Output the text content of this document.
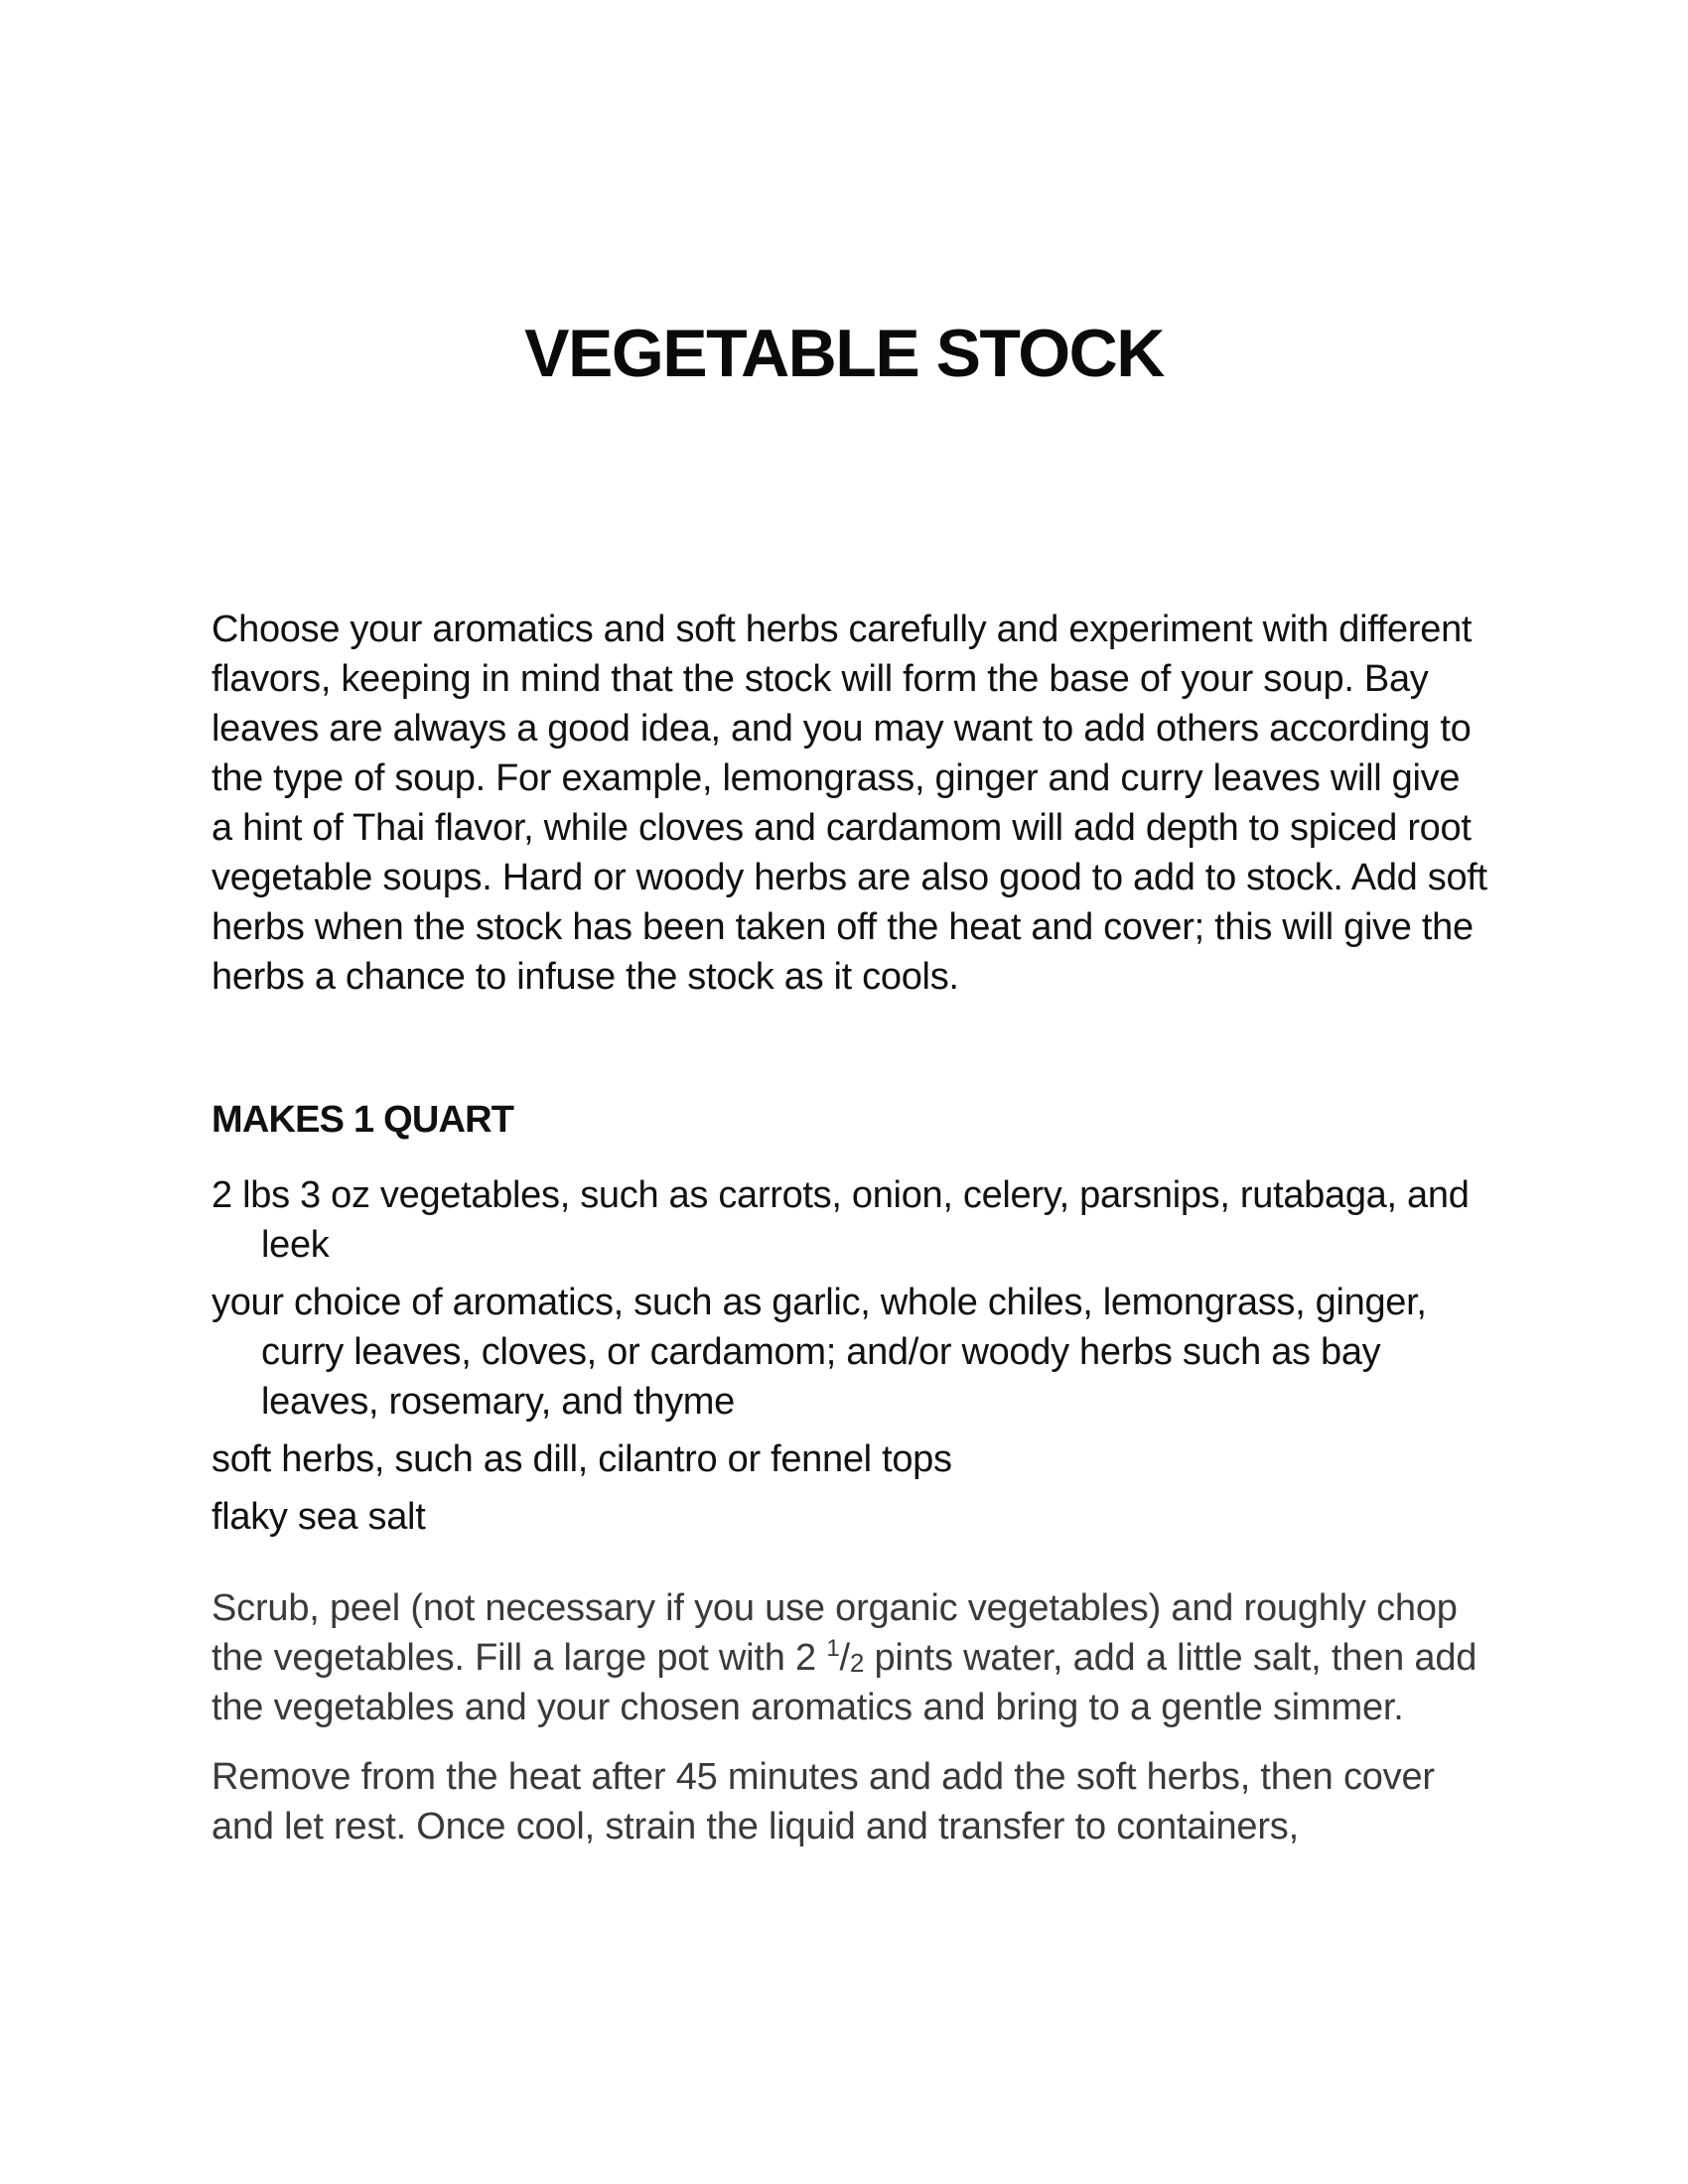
VEGETABLE STOCK

Choose your aromatics and soft herbs carefully and experiment with different flavors, keeping in mind that the stock will form the base of your soup. Bay leaves are always a good idea, and you may want to add others according to the type of soup. For example, lemongrass, ginger and curry leaves will give a hint of Thai flavor, while cloves and cardamom will add depth to spiced root vegetable soups. Hard or woody herbs are also good to add to stock. Add soft herbs when the stock has been taken off the heat and cover; this will give the herbs a chance to infuse the stock as it cools.

MAKES 1 QUART
2 lbs 3 oz vegetables, such as carrots, onion, celery, parsnips, rutabaga, and leek
your choice of aromatics, such as garlic, whole chiles, lemongrass, ginger, curry leaves, cloves, or cardamom; and/or woody herbs such as bay leaves, rosemary, and thyme
soft herbs, such as dill, cilantro or fennel tops
flaky sea salt

Scrub, peel (not necessary if you use organic vegetables) and roughly chop the vegetables. Fill a large pot with 2 $^1$/2 pints water, add a little salt, then add the vegetables and your chosen aromatics and bring to a gentle simmer.

Remove from the heat after 45 minutes and add the soft herbs, then cover and let rest. Once cool, strain the liquid and transfer to containers,
